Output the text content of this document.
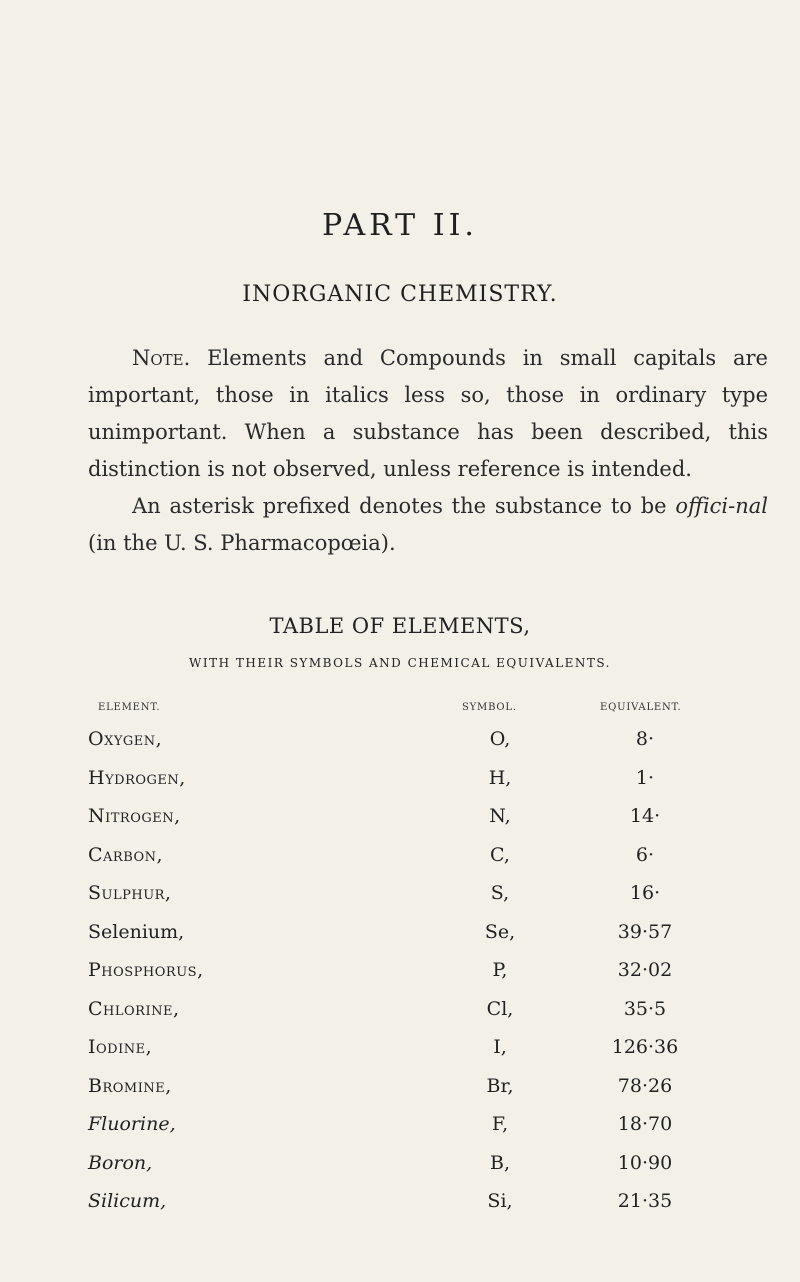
PART II.
INORGANIC CHEMISTRY.

Note. Elements and Compounds in small capitals are important, those in italics less so, those in ordinary type unimportant. When a substance has been described, this distinction is not observed, unless reference is intended.

An asterisk prefixed denotes the substance to be offici-nal (in the U. S. Pharmacopœia).

TABLE OF ELEMENTS,
WITH THEIR SYMBOLS AND CHEMICAL EQUIVALENTS.
ELEMENT.	SYMBOL.	EQUIVALENT.
Oxygen,	O,	8·
Hydrogen,	H,	1·
Nitrogen,	N,	14·
Carbon,	C,	6·
Sulphur,	S,	16·
Selenium,	Se,	39·57
Phosphorus,	P,	32·02
Chlorine,	Cl,	35·5
Iodine,	I,	126·36
Bromine,	Br,	78·26
Fluorine,	F,	18·70
Boron,	B,	10·90
Silicum,	Si,	21·35
